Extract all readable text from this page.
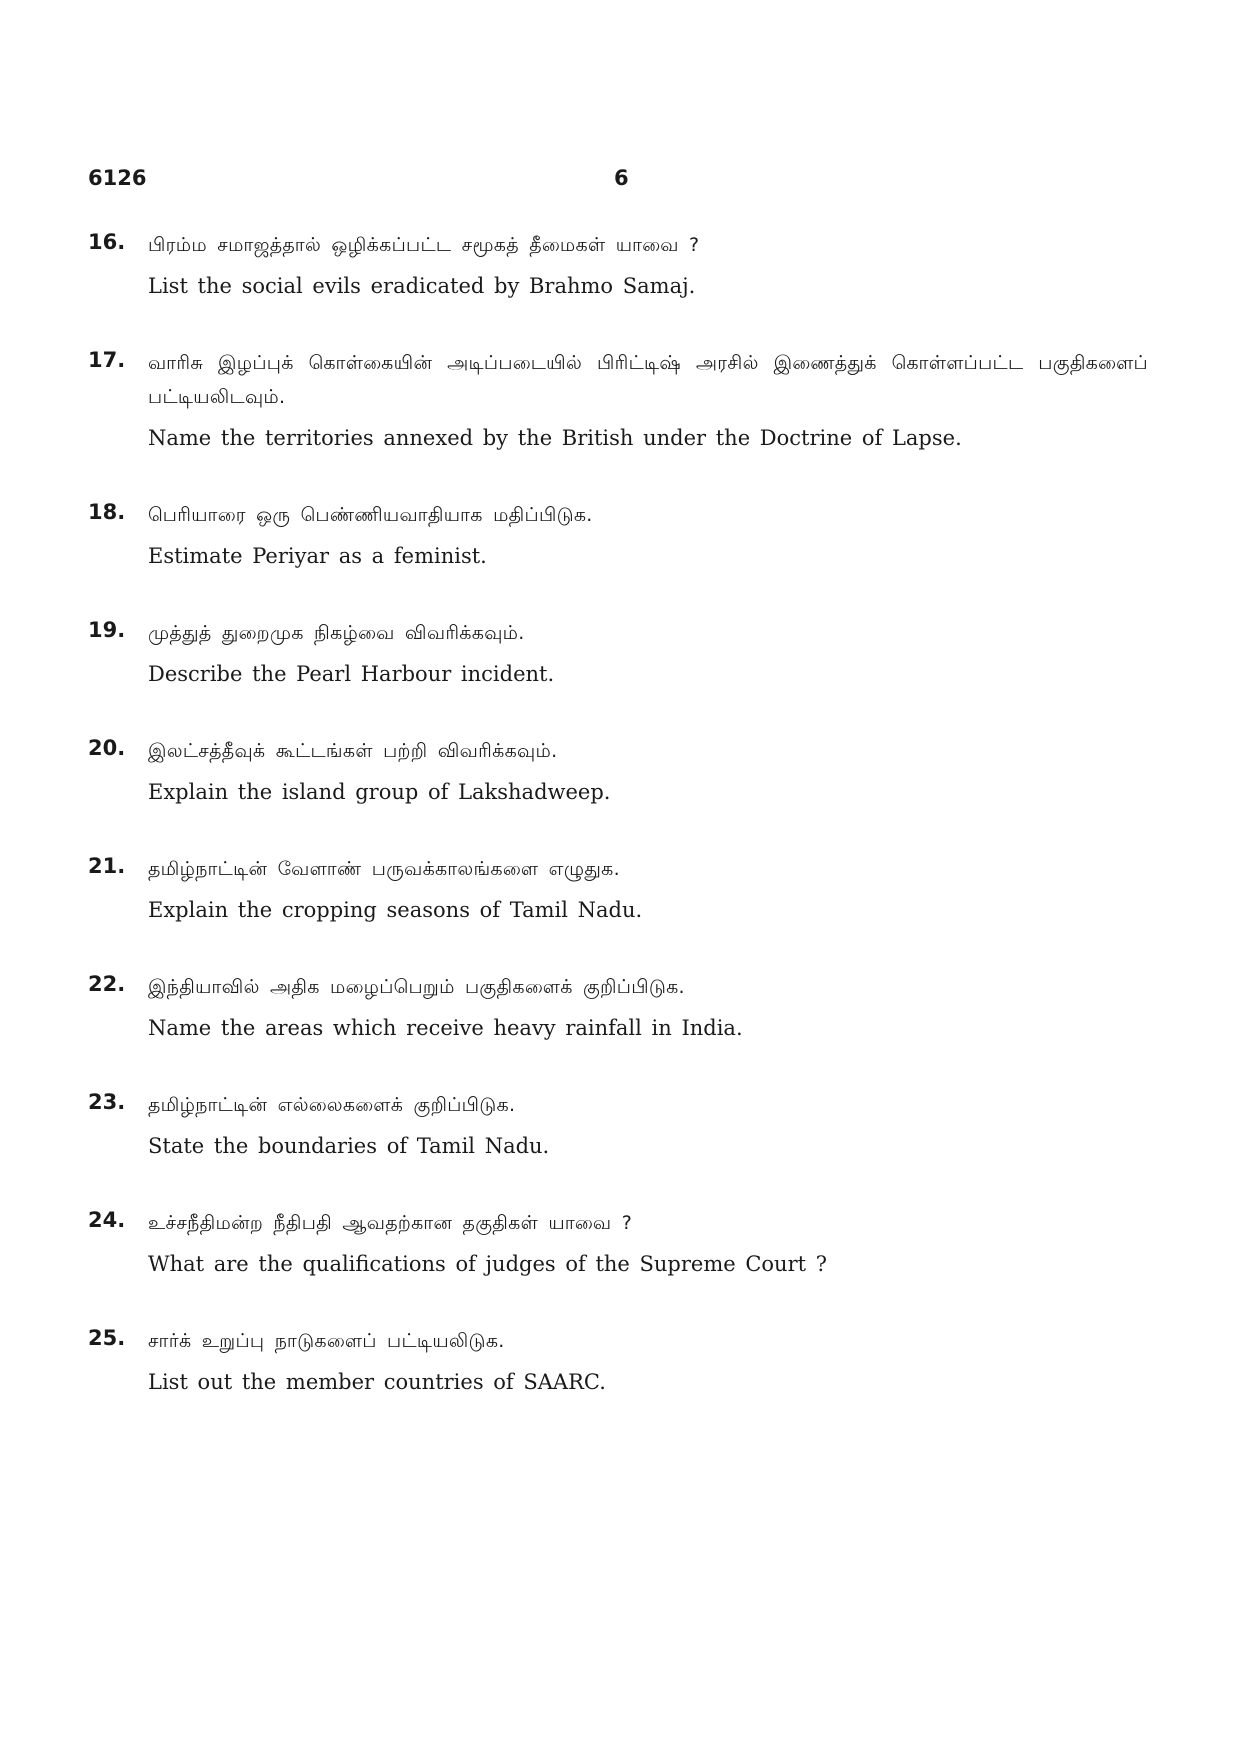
6126	6
16.	பிரம்ம சமாஜத்தால் ஒழிக்கப்பட்ட சமூகத் தீமைகள் யாவை ?
List the social evils eradicated by Brahmo Samaj.
17.	வாரிசு இழப்புக் கொள்கையின் அடிப்படையில் பிரிட்டிஷ் அரசில் இணைத்துக் கொள்ளப்பட்ட பகுதிகளைப் பட்டியலிடவும்.
Name the territories annexed by the British under the Doctrine of Lapse.
18.	பெரியாரை ஒரு பெண்ணியவாதியாக மதிப்பிடுக.
Estimate Periyar as a feminist.
19.	முத்துத் துறைமுக நிகழ்வை விவரிக்கவும்.
Describe the Pearl Harbour incident.
20.	இலட்சத்தீவுக் கூட்டங்கள் பற்றி விவரிக்கவும்.
Explain the island group of Lakshadweep.
21.	தமிழ்நாட்டின் வேளாண் பருவக்காலங்களை எழுதுக.
Explain the cropping seasons of Tamil Nadu.
22.	இந்தியாவில் அதிக மழைப்பெறும் பகுதிகளைக் குறிப்பிடுக.
Name the areas which receive heavy rainfall in India.
23.	தமிழ்நாட்டின் எல்லைகளைக் குறிப்பிடுக.
State the boundaries of Tamil Nadu.
24.	உச்சநீதிமன்ற நீதிபதி ஆவதற்கான தகுதிகள் யாவை ?
What are the qualifications of judges of the Supreme Court ?
25.	சார்க் உறுப்பு நாடுகளைப் பட்டியலிடுக.
List out the member countries of SAARC.
